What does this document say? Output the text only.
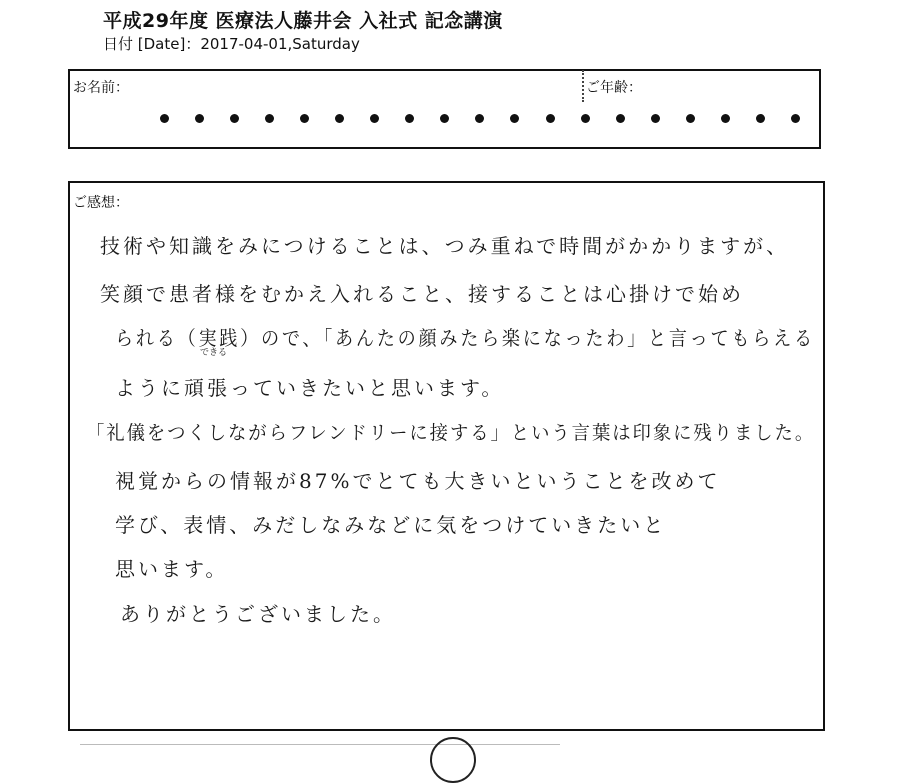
平成29年度 医療法人藤井会 入社式 記念講演
日付 [Date]：2017-04-01,Saturday
お名前：	ご年齢：
ご感想：
技術や知識をみにつけることは、つみ重ねで時間がかかりますが、
笑顔で患者様をむかえ入れること、接することは心掛けで始め
られる（実践）ので、「あんたの顔みたら楽になったわ」と言ってもらえる
できる
ように頑張っていきたいと思います。
「礼儀をつくしながらフレンドリーに接する」という言葉は印象に残りました。
視覚からの情報が87%でとても大きいということを改めて
学び、表情、みだしなみなどに気をつけていきたいと
思います。
ありがとうございました。
